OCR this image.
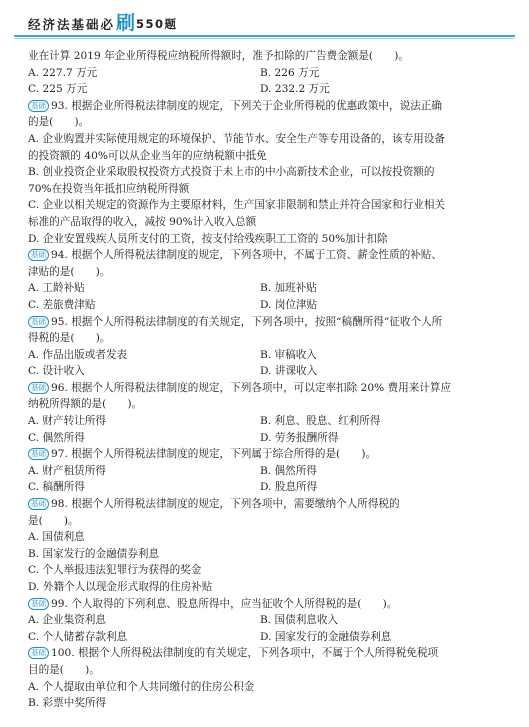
经济法基础必 刷 550题

业在计算 2019 年企业所得税应纳税所得额时，准予扣除的广告费金额是(　　)。

A. 227.7 万元	B. 226 万元
C. 225 万元	D. 232.2 万元

基础 93. 根据企业所得税法律制度的规定，下列关于企业所得税的优惠政策中，说法正确

的是(　　)。

A. 企业购置并实际使用规定的环境保护、节能节水、安全生产等专用设备的，该专用设备

的投资额的 40%可以从企业当年的应纳税额中抵免

B. 创业投资企业采取股权投资方式投资于未上市的中小高新技术企业，可以按投资额的

70%在投资当年抵扣应纳税所得额

C. 企业以相关规定的资源作为主要原材料，生产国家非限制和禁止并符合国家和行业相关

标准的产品取得的收入，减按 90%计入收入总额

D. 企业安置残疾人员所支付的工资，按支付给残疾职工工资的 50%加计扣除

基础 94. 根据个人所得税法律制度的规定，下列各项中，不属于工资、薪金性质的补贴、

津贴的是(　　)。

A. 工龄补贴	B. 加班补贴
C. 差旅费津贴	D. 岗位津贴

基础 95. 根据个人所得税法律制度的有关规定，下列各项中，按照“稿酬所得”征收个人所

得税的是(　　)。

A. 作品出版或者发表	B. 审稿收入
C. 设计收入	D. 讲课收入

基础 96. 根据个人所得税法律制度的规定，下列各项中，可以定率扣除 20% 费用来计算应

纳税所得额的是(　　)。

A. 财产转让所得	B. 利息、股息、红利所得
C. 偶然所得	D. 劳务报酬所得

基础 97. 根据个人所得税法律制度的规定，下列属于综合所得的是(　　)。

A. 财产租赁所得	B. 偶然所得
C. 稿酬所得	D. 股息所得

基础 98. 根据个人所得税法律制度的规定，下列各项中，需要缴纳个人所得税的

是(　　)。

A. 国债利息

B. 国家发行的金融债券利息

C. 个人举报违法犯罪行为获得的奖金

D. 外籍个人以现金形式取得的住房补贴

基础 99. 个人取得的下列利息、股息所得中，应当征收个人所得税的是(　　)。

A. 企业集资利息	B. 国债利息收入
C. 个人储蓄存款利息	D. 国家发行的金融债券利息

基础 100. 根据个人所得税法律制度的有关规定，下列各项中，不属于个人所得税免税项

目的是(　　)。

A. 个人提取由单位和个人共同缴付的住房公积金

B. 彩票中奖所得
